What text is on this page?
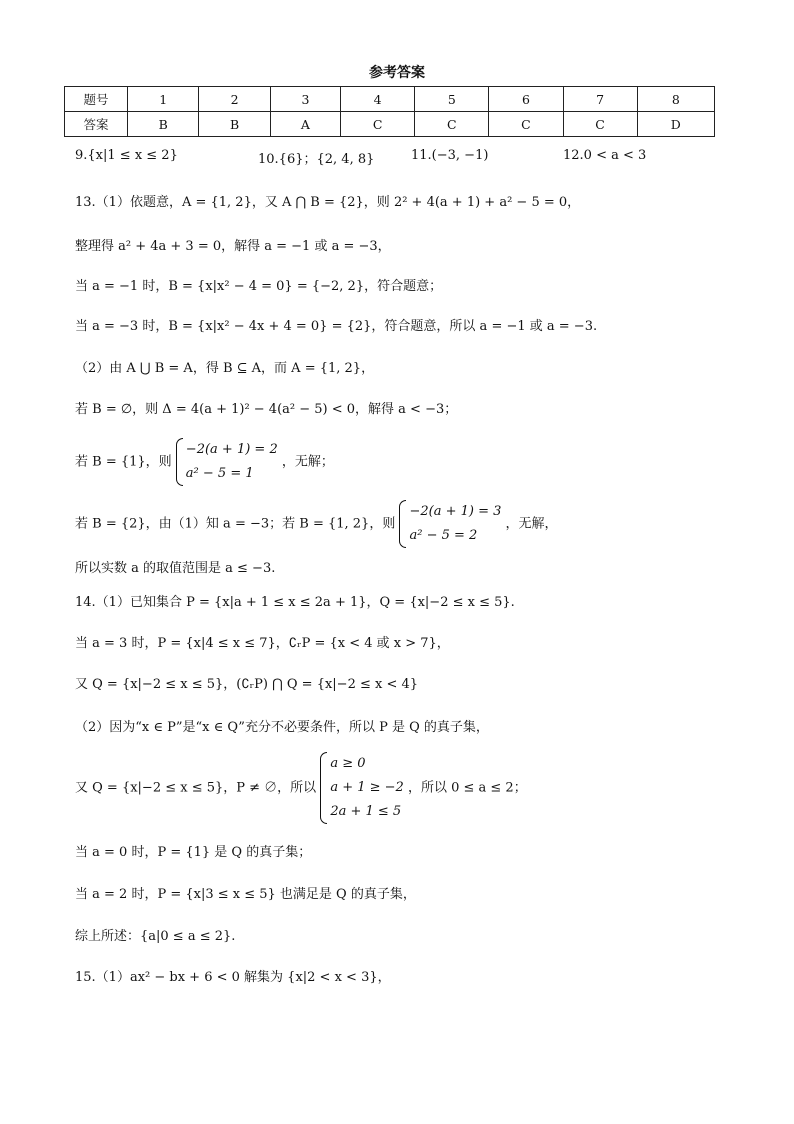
参考答案
题号	1	2	3	4	5	6	7	8
答案	B	B	A	C	C	C	C	D
9.{x|1 ≤ x ≤ 2}	10.{6}；{2, 4, 8}	11.(−3, −1)	12.0 < a < 3
13.（1）依题意，A = {1, 2}，又 A ⋂ B = {2}，则 2² + 4(a + 1) + a² − 5 = 0，
整理得 a² + 4a + 3 = 0，解得 a = −1 或 a = −3，
当 a = −1 时，B = {x|x² − 4 = 0} = {−2, 2}，符合题意；
当 a = −3 时，B = {x|x² − 4x + 4 = 0} = {2}，符合题意，所以 a = −1 或 a = −3.
（2）由 A ⋃ B = A，得 B ⊆ A，而 A = {1, 2}，
若 B = ∅，则 Δ = 4(a + 1)² − 4(a² − 5) < 0，解得 a < −3；
若 B = {1}，则
−2(a + 1) = 2
a² − 5 = 1
，无解；
若 B = {2}，由（1）知 a = −3；若 B = {1, 2}，则
−2(a + 1) = 3
a² − 5 = 2
，无解，
所以实数 a 的取值范围是 a ≤ −3.
14.（1）已知集合 P = {x|a + 1 ≤ x ≤ 2a + 1}，Q = {x|−2 ≤ x ≤ 5}.
当 a = 3 时，P = {x|4 ≤ x ≤ 7}，∁ᵣP = {x < 4 或 x > 7}，
又 Q = {x|−2 ≤ x ≤ 5}，(∁ᵣP) ⋂ Q = {x|−2 ≤ x < 4}
（2）因为“x ∈ P”是“x ∈ Q”充分不必要条件，所以 P 是 Q 的真子集，
又 Q = {x|−2 ≤ x ≤ 5}，P ≠ ∅，所以
a ≥ 0
a + 1 ≥ −2
2a + 1 ≤ 5
，所以 0 ≤ a ≤ 2；
当 a = 0 时，P = {1} 是 Q 的真子集；
当 a = 2 时，P = {x|3 ≤ x ≤ 5} 也满足是 Q 的真子集，
综上所述：{a|0 ≤ a ≤ 2}.
15.（1）ax² − bx + 6 < 0 解集为 {x|2 < x < 3}，
